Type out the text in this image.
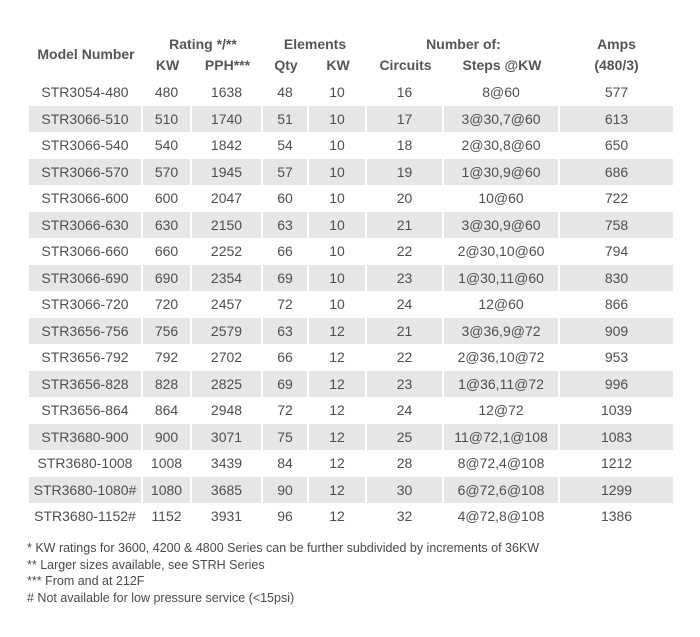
Model Number	Rating */**		Elements		Number of:		Amps
	KW	PPH***	Qty	KW	Circuits	Steps @KW	(480/3)
STR3054-480	480	1638	48	10	16	8@60	577
STR3066-510	510	1740	51	10	17	3@30,7@60	613
STR3066-540	540	1842	54	10	18	2@30,8@60	650
STR3066-570	570	1945	57	10	19	1@30,9@60	686
STR3066-600	600	2047	60	10	20	10@60	722
STR3066-630	630	2150	63	10	21	3@30,9@60	758
STR3066-660	660	2252	66	10	22	2@30,10@60	794
STR3066-690	690	2354	69	10	23	1@30,11@60	830
STR3066-720	720	2457	72	10	24	12@60	866
STR3656-756	756	2579	63	12	21	3@36,9@72	909
STR3656-792	792	2702	66	12	22	2@36,10@72	953
STR3656-828	828	2825	69	12	23	1@36,11@72	996
STR3656-864	864	2948	72	12	24	12@72	1039
STR3680-900	900	3071	75	12	25	11@72,1@108	1083
STR3680-1008	1008	3439	84	12	28	8@72,4@108	1212
STR3680-1080#	1080	3685	90	12	30	6@72,6@108	1299
STR3680-1152#	1152	3931	96	12	32	4@72,8@108	1386
* KW ratings for 3600, 4200 & 4800 Series can be further subdivided by increments of 36KW
** Larger sizes available, see STRH Series
*** From and at 212F
# Not available for low pressure service (<15psi)
